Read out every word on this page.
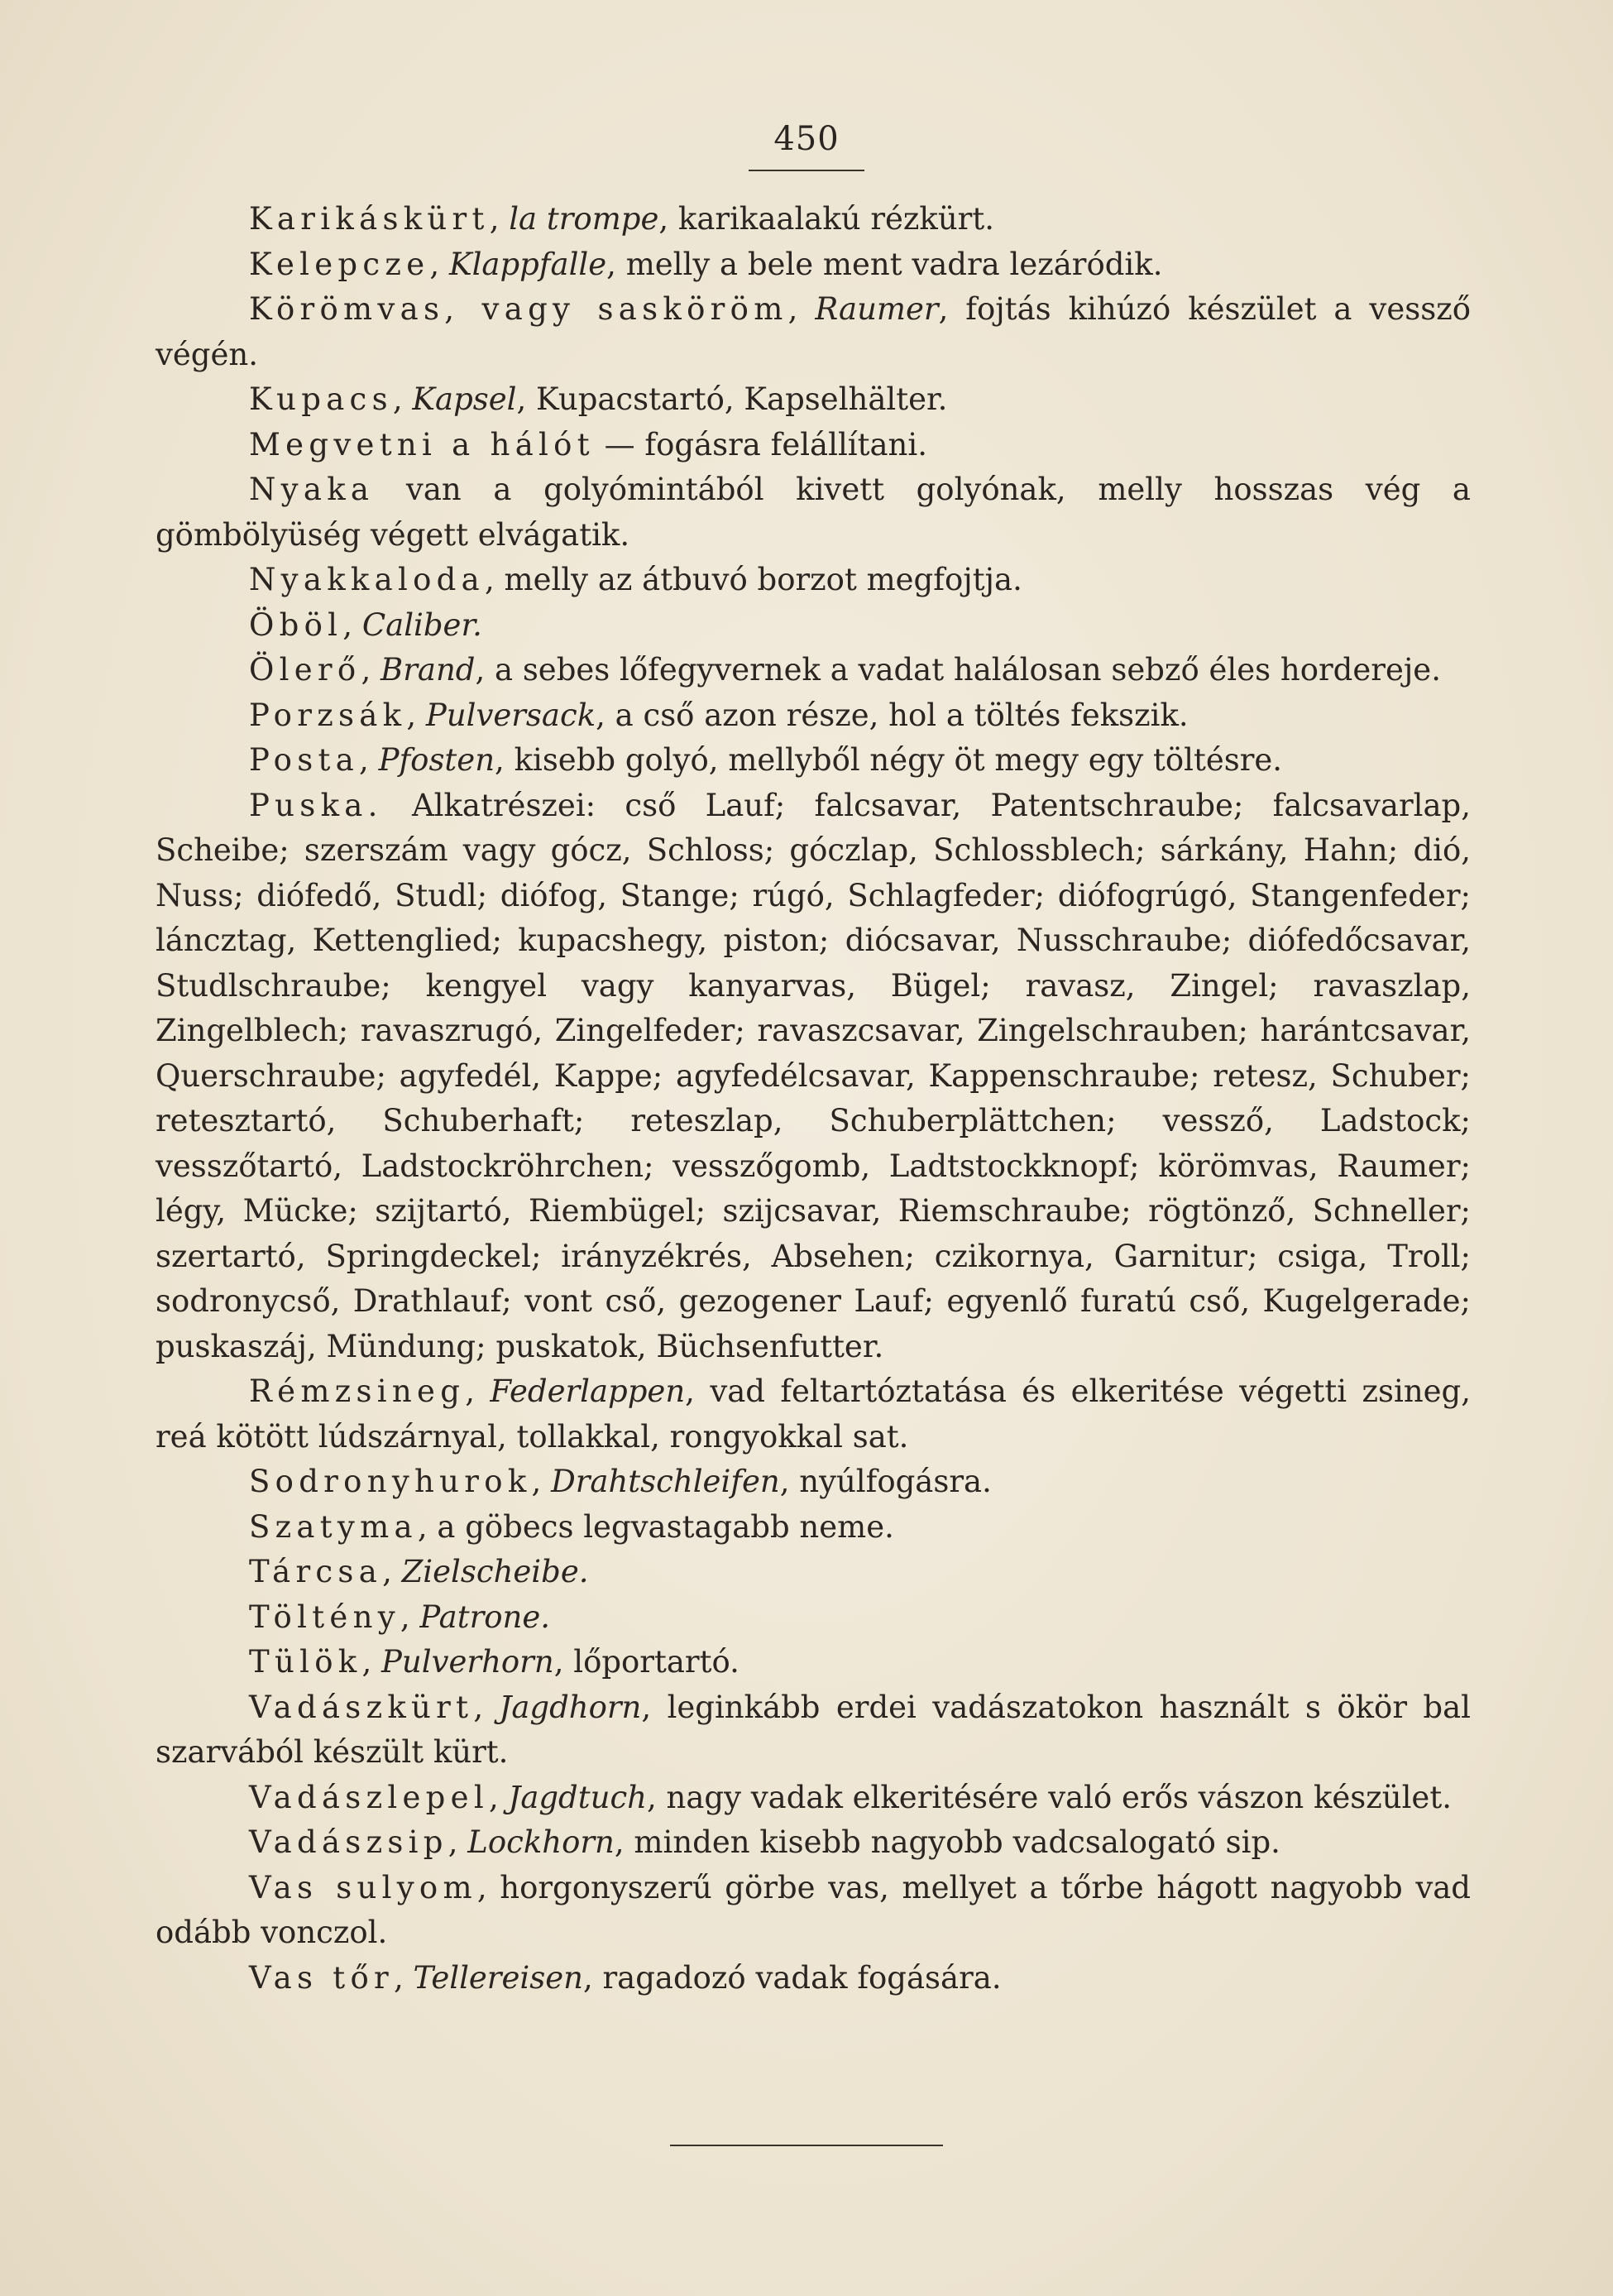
450

Karikáskürt, la trompe, karikaalakú rézkürt.

Kelepcze, Klappfalle, melly a bele ment vadra lezáródik.

Körömvas, vagy sasköröm, Raumer, fojtás kihúzó készület a vessző végén.

Kupacs, Kapsel, Kupacstartó, Kapselhälter.

Megvetni a hálót — fogásra felállítani.

Nyaka van a golyómintából kivett golyónak, melly hosszas vég a gömbölyüség végett elvágatik.

Nyakkaloda, melly az átbuvó borzot megfojtja.

Öböl, Caliber.

Ölerő, Brand, a sebes lőfegyvernek a vadat halálosan sebző éles hordereje.

Porzsák, Pulversack, a cső azon része, hol a töltés fekszik.

Posta, Pfosten, kisebb golyó, mellyből négy öt megy egy töltésre.

Puska. Alkatrészei: cső Lauf; falcsavar, Patentschraube; falcsavarlap, Scheibe; szerszám vagy gócz, Schloss; góczlap, Schlossblech; sárkány, Hahn; dió, Nuss; diófedő, Studl; diófog, Stange; rúgó, Schlagfeder; diófogrúgó, Stangenfeder; láncztag, Kettenglied; kupacshegy, piston; diócsavar, Nusschraube; diófedőcsavar, Studlschraube; kengyel vagy kanyarvas, Bügel; ravasz, Zingel; ravaszlap, Zingelblech; ravaszrugó, Zingelfeder; ravaszcsavar, Zingelschrauben; harántcsavar, Querschraube; agyfedél, Kappe; agyfedélcsavar, Kappenschraube; retesz, Schuber; retesztartó, Schuberhaft; reteszlap, Schuberplättchen; vessző, Ladstock; vesszőtartó, Ladstockröhrchen; vesszőgomb, Ladtstockknopf; körömvas, Raumer; légy, Mücke; szijtartó, Riembügel; szijcsavar, Riemschraube; rögtönző, Schneller; szertartó, Springdeckel; irányzékrés, Absehen; czikornya, Garnitur; csiga, Troll; sodronycső, Drathlauf; vont cső, gezogener Lauf; egyenlő furatú cső, Kugelgerade; puskaszáj, Mündung; puskatok, Büchsenfutter.

Rémzsineg, Federlappen, vad feltartóztatása és elkeritése végetti zsineg, reá kötött lúdszárnyal, tollakkal, rongyokkal sat.

Sodronyhurok, Drahtschleifen, nyúlfogásra.

Szatyma, a göbecs legvastagabb neme.

Tárcsa, Zielscheibe.

Töltény, Patrone.

Tülök, Pulverhorn, lőportartó.

Vadászkürt, Jagdhorn, leginkább erdei vadászatokon használt s ökör bal szarvából készült kürt.

Vadászlepel, Jagdtuch, nagy vadak elkeritésére való erős vászon készület.

Vadászsip, Lockhorn, minden kisebb nagyobb vadcsalogató sip.

Vas sulyom, horgonyszerű görbe vas, mellyet a tőrbe hágott nagyobb vad odább vonczol.

Vas tőr, Tellereisen, ragadozó vadak fogására.
